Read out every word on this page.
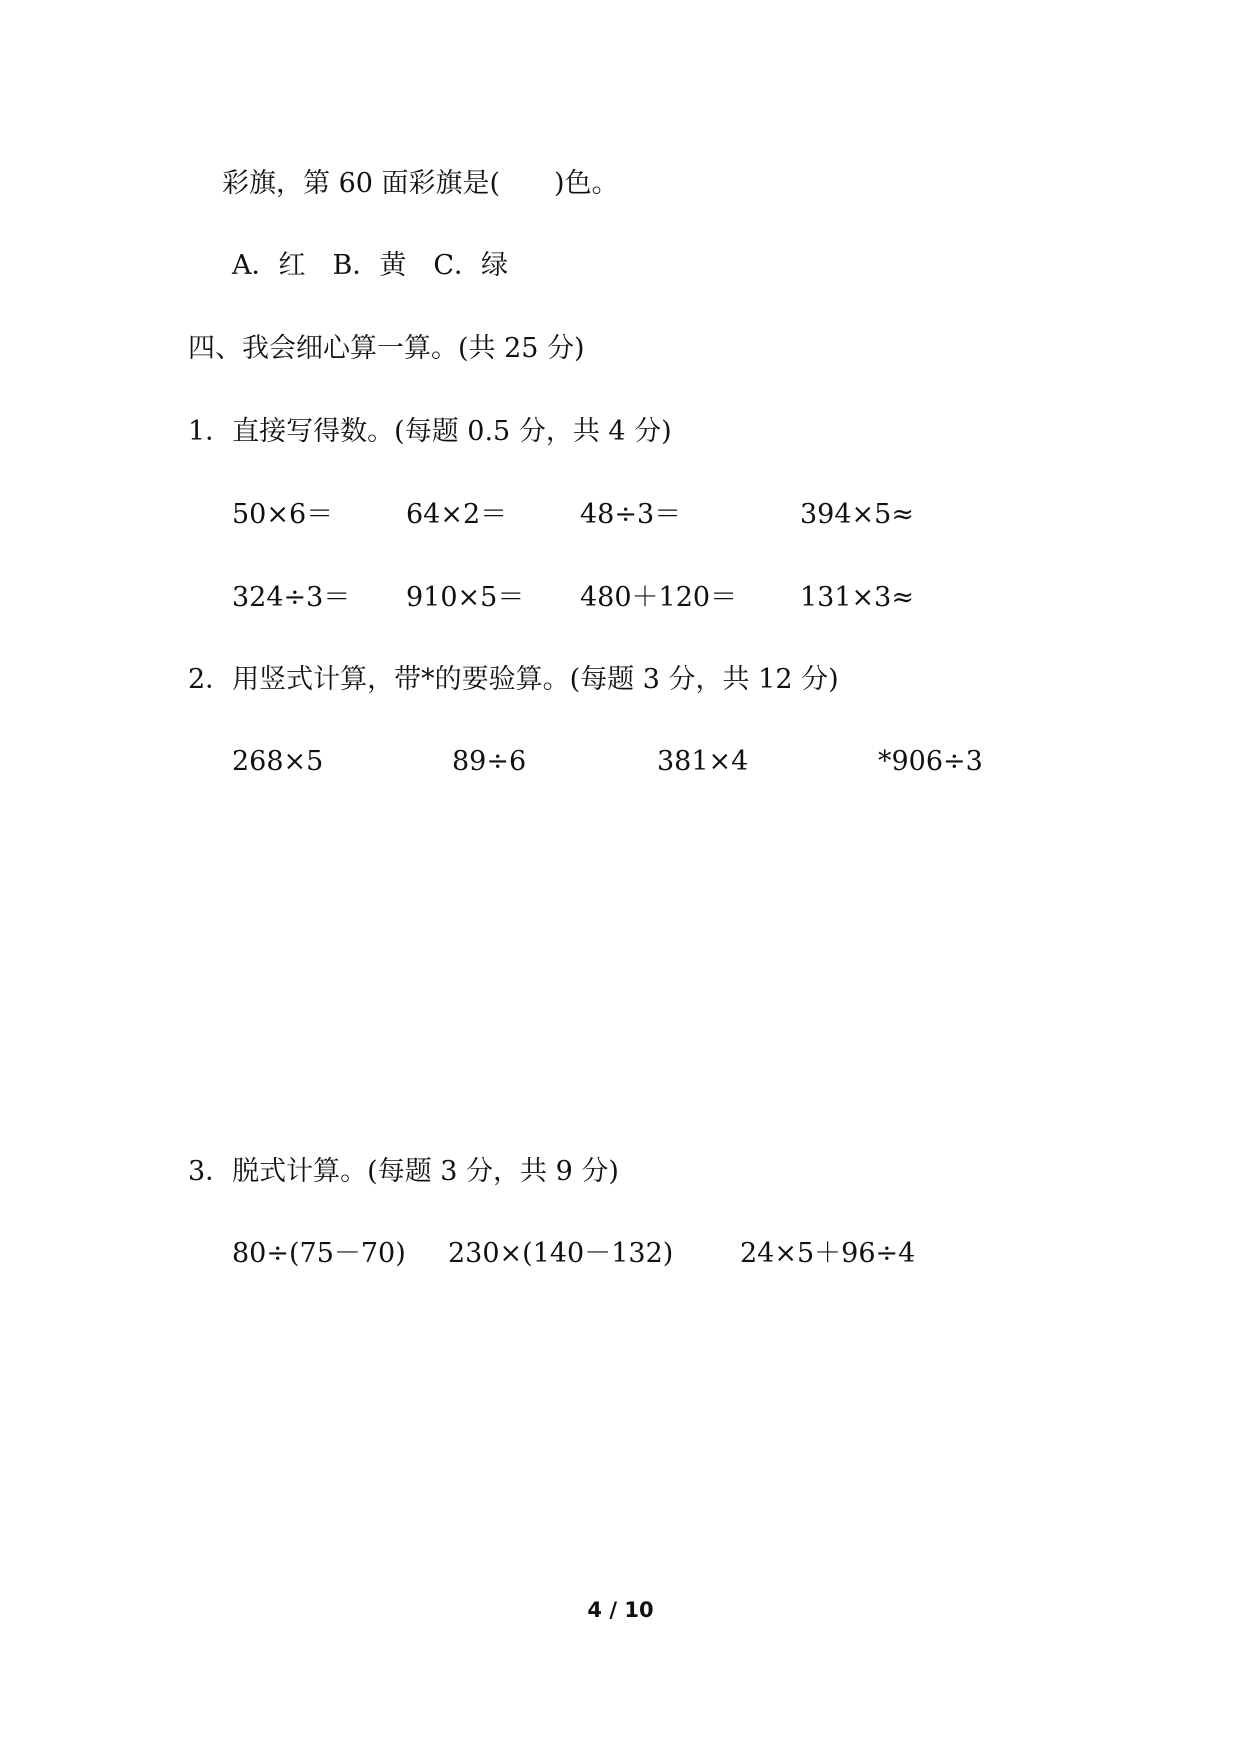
彩旗，第 60 面彩旗是(　　)色。
A．红　B．黄　C．绿
四、我会细心算一算。(共 25 分)
1．直接写得数。(每题 0.5 分，共 4 分)
50×6＝	64×2＝	48÷3＝	394×5≈
324÷3＝ 910×5＝ 480＋120＝ 131×3≈
2．用竖式计算，带*的要验算。(每题 3 分，共 12 分)
268×5	89÷6	381×4	*906÷3
3．脱式计算。(每题 3 分，共 9 分)
80÷(75－70) 230×(140－132) 24×5＋96÷4
4 / 10
